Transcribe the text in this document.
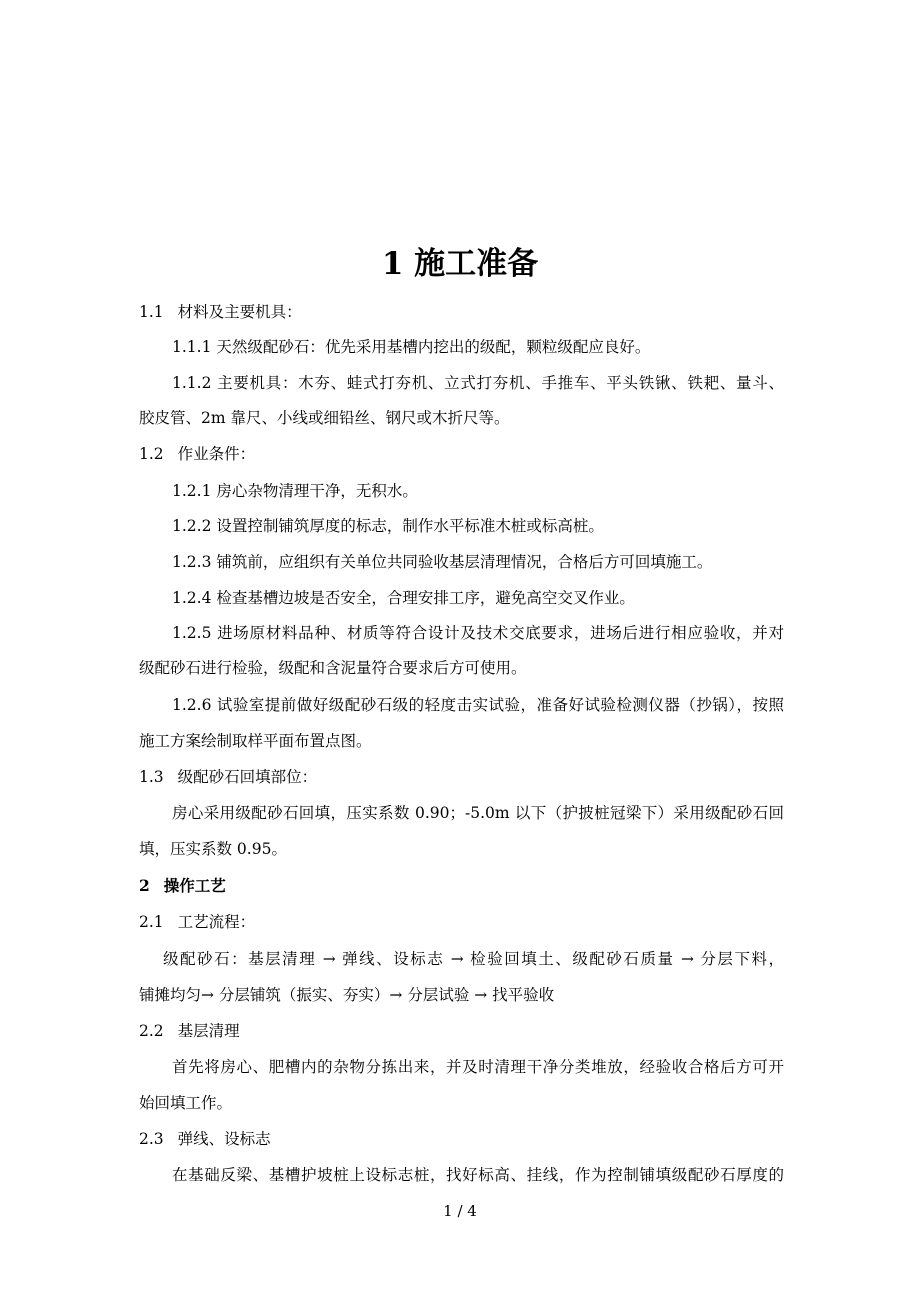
1 施工准备

1.1 材料及主要机具：

1.1.1 天然级配砂石：优先采用基槽内挖出的级配，颗粒级配应良好。

1.1.2 主要机具：木夯、蛙式打夯机、立式打夯机、手推车、平头铁锹、铁耙、量斗、

胶皮管、2m 靠尺、小线或细铅丝、钢尺或木折尺等。

1.2 作业条件：

1.2.1 房心杂物清理干净，无积水。

1.2.2 设置控制铺筑厚度的标志，制作水平标准木桩或标高桩。

1.2.3 铺筑前，应组织有关单位共同验收基层清理情况，合格后方可回填施工。

1.2.4 检查基槽边坡是否安全，合理安排工序，避免高空交叉作业。

1.2.5 进场原材料品种、材质等符合设计及技术交底要求，进场后进行相应验收，并对

级配砂石进行检验，级配和含泥量符合要求后方可使用。

1.2.6 试验室提前做好级配砂石级的轻度击实试验，准备好试验检测仪器（抄锅），按照

施工方案绘制取样平面布置点图。

1.3 级配砂石回填部位：

房心采用级配砂石回填，压实系数 0.90；-5.0m 以下（护披桩冠梁下）采用级配砂石回

填，压实系数 0.95。

2 操作工艺

2.1 工艺流程：

级配砂石：基层清理 → 弹线、设标志 → 检验回填土、级配砂石质量 → 分层下料，

铺摊均匀→ 分层铺筑（振实、夯实）→ 分层试验 → 找平验收

2.2 基层清理

首先将房心、肥槽内的杂物分拣出来，并及时清理干净分类堆放，经验收合格后方可开

始回填工作。

2.3 弹线、设标志

在基础反梁、基槽护坡桩上设标志桩，找好标高、挂线，作为控制铺填级配砂石厚度的

1 / 4
